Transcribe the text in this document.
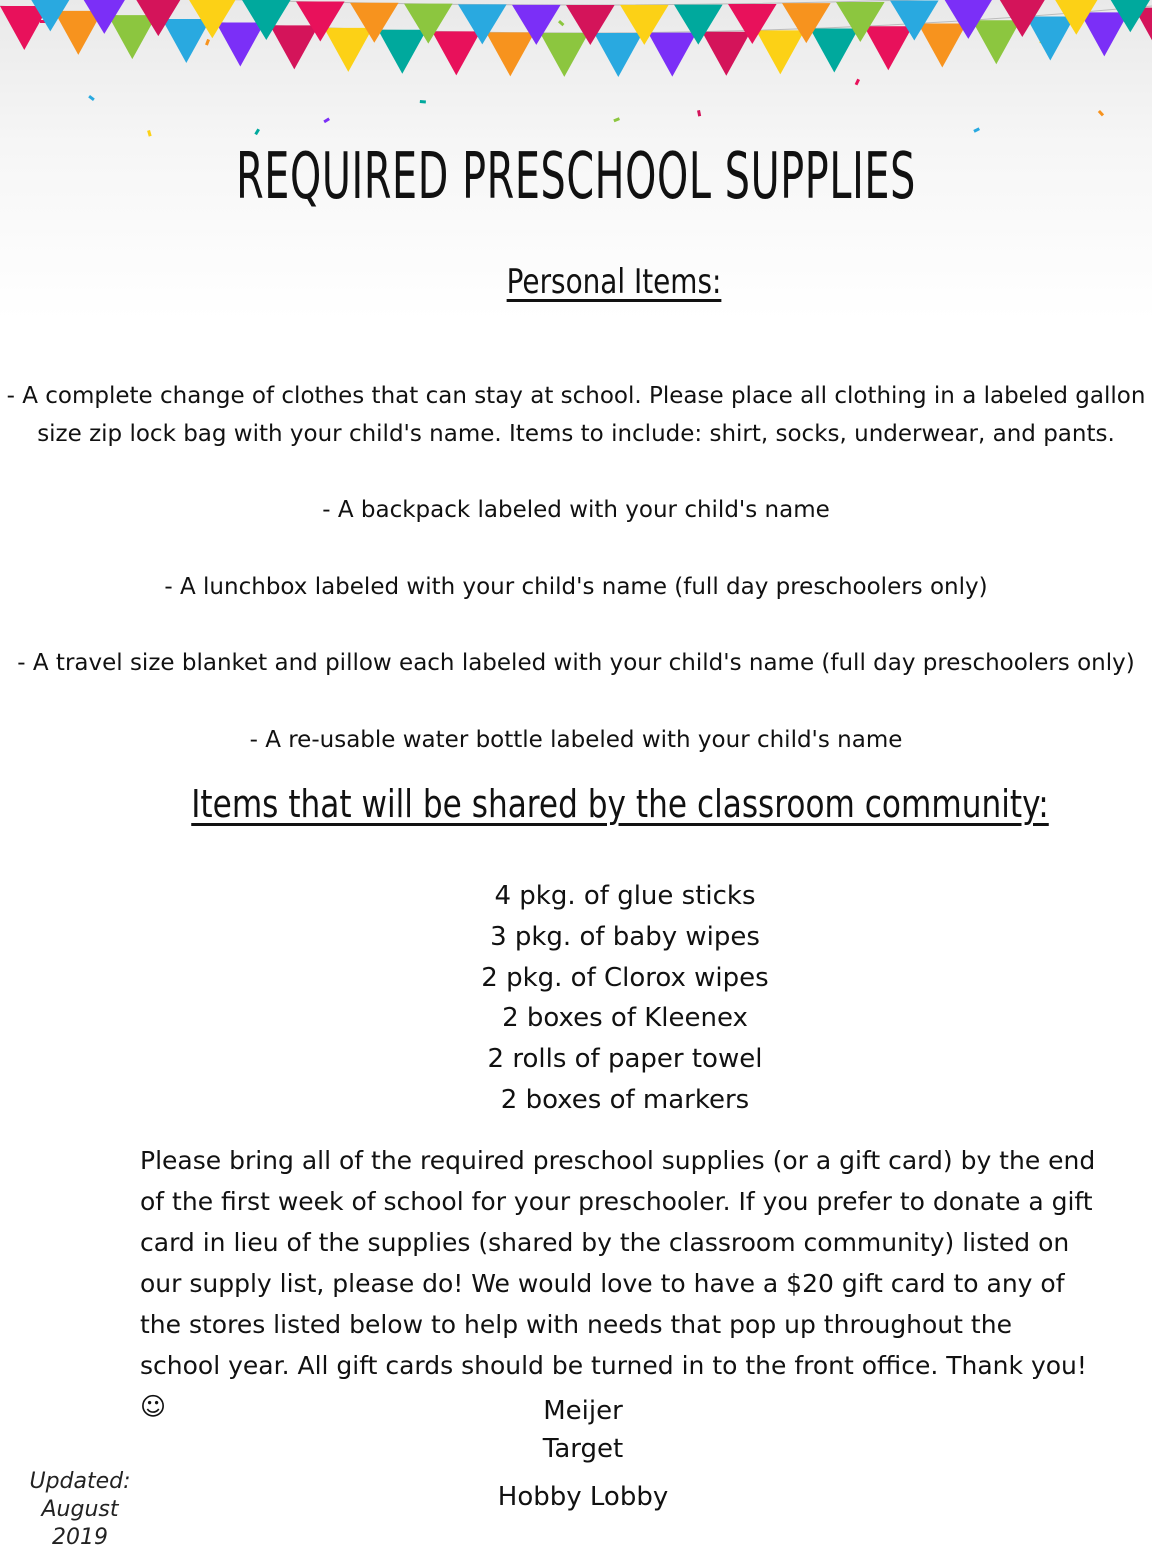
REQUIRED PRESCHOOL SUPPLIES
Personal Items:
- A complete change of clothes that can stay at school. Please place all clothing in a labeled gallon
size zip lock bag with your child's name. Items to include: shirt, socks, underwear, and pants.
- A backpack labeled with your child's name
- A lunchbox labeled with your child's name (full day preschoolers only)
- A travel size blanket and pillow each labeled with your child's name (full day preschoolers only)
- A re-usable water bottle labeled with your child's name
Items that will be shared by the classroom community:
4 pkg. of glue sticks
3 pkg. of baby wipes
2 pkg. of Clorox wipes
2 boxes of Kleenex
2 rolls of paper towel
2 boxes of markers
Please bring all of the required preschool supplies (or a gift card) by the end of the first week of school for your preschooler. If you prefer to donate a gift card in lieu of the supplies (shared by the classroom community) listed on our supply list, please do! We would love to have a $20 gift card to any of the stores listed below to help with needs that pop up throughout the school year. All gift cards should be turned in to the front office. Thank you! ☺	Meijer
Target
Hobby Lobby
Updated:
August 2019
